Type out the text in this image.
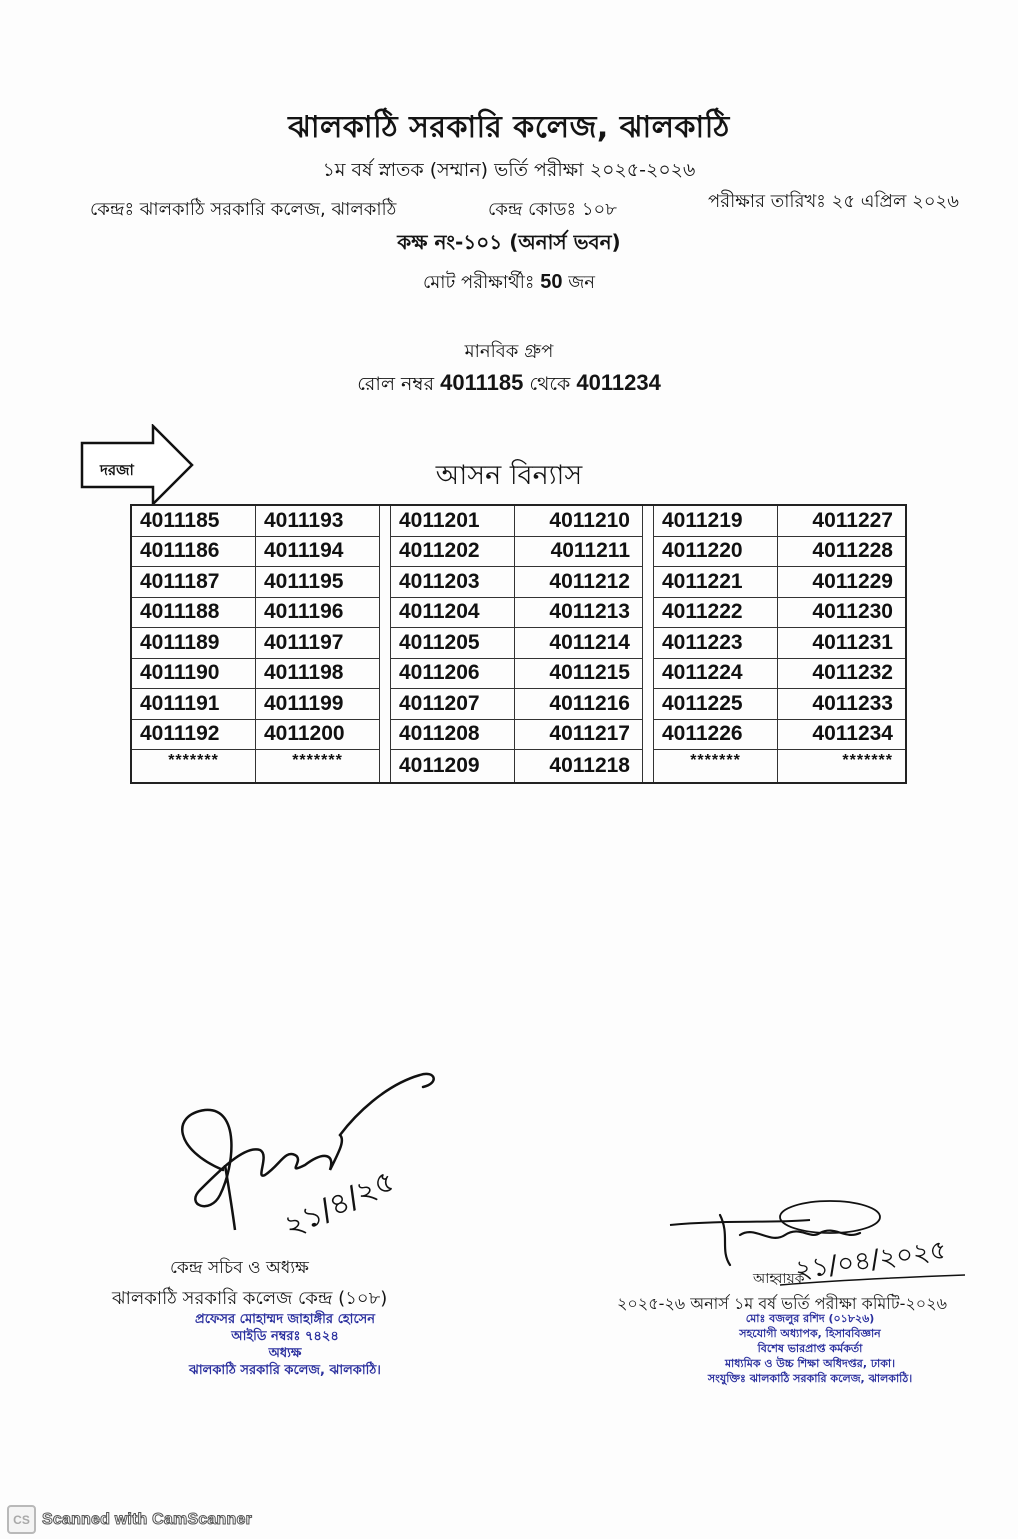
ঝালকাঠি সরকারি কলেজ, ঝালকাঠি
১ম বর্ষ স্নাতক (সম্মান) ভর্তি পরীক্ষা ২০২৫-২০২৬
কেন্দ্রঃ ঝালকাঠি সরকারি কলেজ, ঝালকাঠি	কেন্দ্র কোডঃ ১০৮	পরীক্ষার তারিখঃ ২৫ এপ্রিল ২০২৬
কক্ষ নং-১০১ (অনার্স ভবন)
মোট পরীক্ষার্থীঃ 50 জন
মানবিক গ্রুপ
রোল নম্বর 4011185 থেকে 4011234
দরজা	আসন বিন্যাস
4011185	4011193		4011201	4011210		4011219	4011227
4011186	4011194		4011202	4011211		4011220	4011228
4011187	4011195		4011203	4011212		4011221	4011229
4011188	4011196		4011204	4011213		4011222	4011230
4011189	4011197		4011205	4011214		4011223	4011231
4011190	4011198		4011206	4011215		4011224	4011232
4011191	4011199		4011207	4011216		4011225	4011233
4011192	4011200		4011208	4011217		4011226	4011234
*******	*******		4011209	4011218		*******	*******
২১/৪/২৫
কেন্দ্র সচিব ও অধ্যক্ষ
ঝালকাঠি সরকারি কলেজ কেন্দ্র (১০৮)
প্রফেসর মোহাম্মদ জাহাঙ্গীর হোসেন
আইডি নম্বরঃ ৭৪২৪
অধ্যক্ষ
ঝালকাঠি সরকারি কলেজ, ঝালকাঠি।
২১/০৪/২০২৫
আহ্বায়ক
২০২৫-২৬ অনার্স ১ম বর্ষ ভর্তি পরীক্ষা কমিটি-২০২৬
মোঃ বজলুর রশিদ (০১৮২৬)
সহযোগী অধ্যাপক, হিসাববিজ্ঞান
বিশেষ ভারপ্রাপ্ত কর্মকর্তা
মাধ্যমিক ও উচ্চ শিক্ষা অধিদপ্তর, ঢাকা।
সংযুক্তিঃ ঝালকাঠি সরকারি কলেজ, ঝালকাঠি।
CS Scanned with CamScanner
